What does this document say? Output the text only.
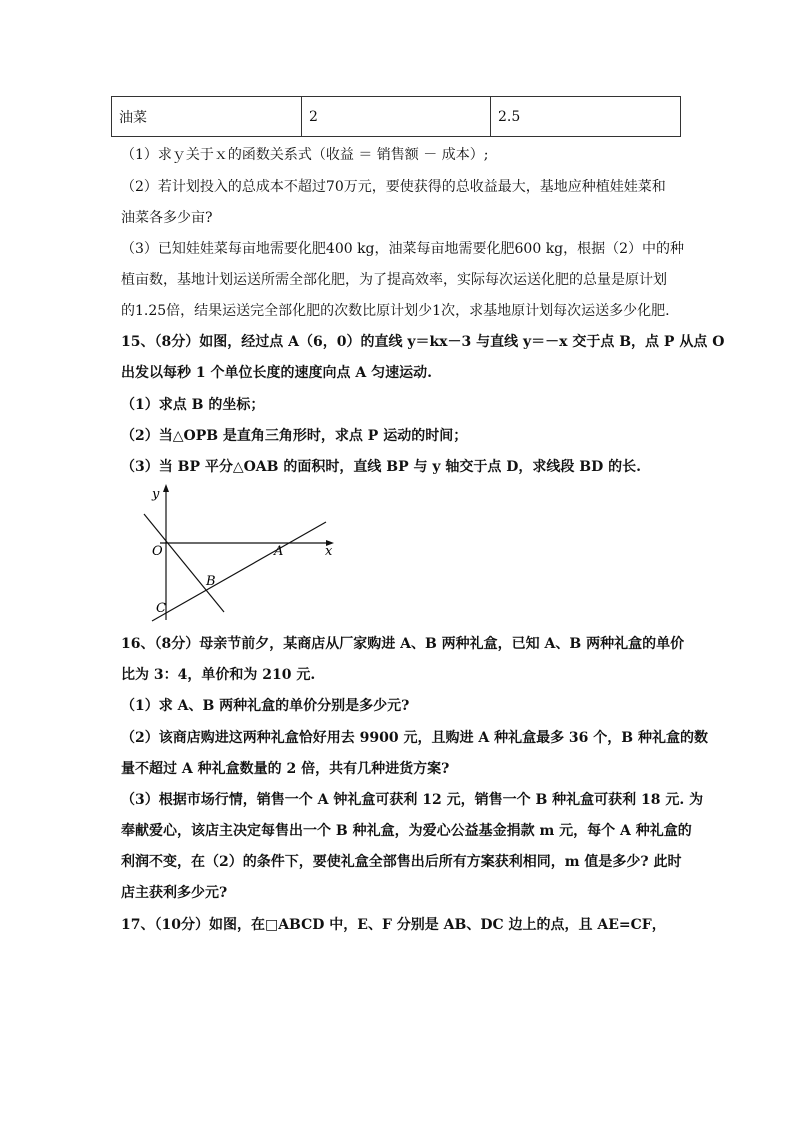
油菜	2	2.5
（1）求ｙ关于ｘ的函数关系式（收益 ＝ 销售额 － 成本）;
（2）若计划投入的总成本不超过70万元，要使获得的总收益最大，基地应种植娃娃菜和
油菜各多少亩?
（3）已知娃娃菜每亩地需要化肥400 kg，油菜每亩地需要化肥600 kg，根据（2）中的种
植亩数，基地计划运送所需全部化肥，为了提高效率，实际每次运送化肥的总量是原计划
的1.25倍，结果运送完全部化肥的次数比原计划少1次，求基地原计划每次运送多少化肥.
15、（8分）如图，经过点 A（6，0）的直线 y＝kx－3 与直线 y＝－x 交于点 B，点 P 从点 O
出发以每秒 1 个单位长度的速度向点 A 匀速运动.
（1）求点 B 的坐标；
（2）当△OPB 是直角三角形时，求点 P 运动的时间；
（3）当 BP 平分△OAB 的面积时，直线 BP 与 y 轴交于点 D，求线段 BD 的长.
y
x
O	A
B
C
16、（8分）母亲节前夕，某商店从厂家购进 A、B 两种礼盒，已知 A、B 两种礼盒的单价
比为 3：4，单价和为 210 元.
（1）求 A、B 两种礼盒的单价分别是多少元?
（2）该商店购进这两种礼盒恰好用去 9900 元，且购进 A 种礼盒最多 36 个，B 种礼盒的数
量不超过 A 种礼盒数量的 2 倍，共有几种进货方案?
（3）根据市场行情，销售一个 A 钟礼盒可获利 12 元，销售一个 B 种礼盒可获利 18 元. 为
奉献爱心，该店主决定每售出一个 B 种礼盒，为爱心公益基金捐款 m 元，每个 A 种礼盒的
利润不变，在（2）的条件下，要使礼盒全部售出后所有方案获利相同，m 值是多少? 此时
店主获利多少元?
17、（10分）如图，在□ABCD 中，E、F 分别是 AB、DC 边上的点，且 AE=CF，
